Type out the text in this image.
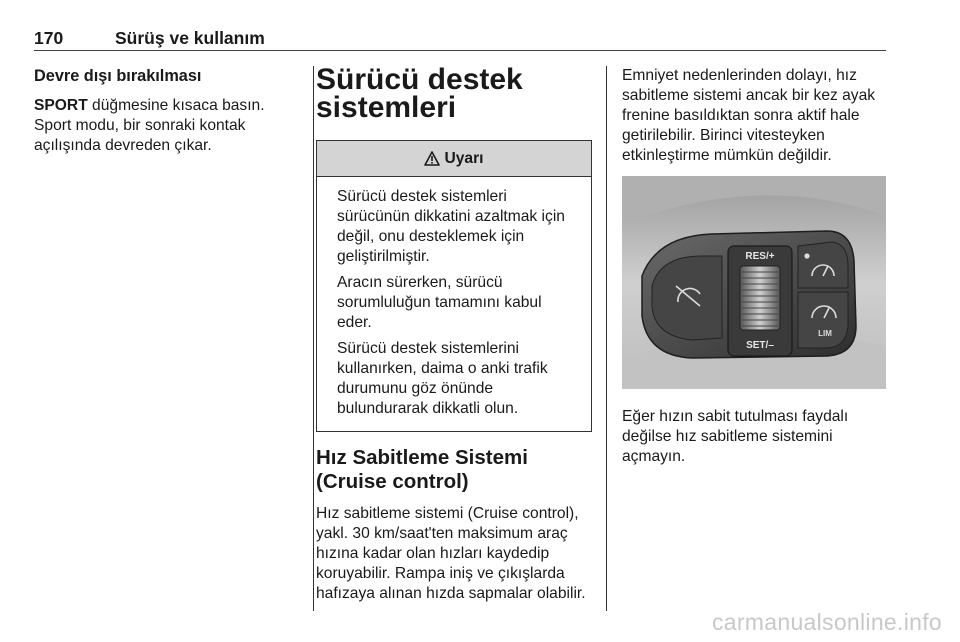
170	Sürüş ve kullanım
Devre dışı bırakılması
SPORT düğmesine kısaca basın. Sport modu, bir sonraki kontak açılışında devreden çıkar.
Sürücü destek
sistemleri
Uyarı
Sürücü destek sistemleri sürücünün dikkatini azaltmak için değil, onu desteklemek için geliştirilmiştir.
Aracın sürerken, sürücü sorumluluğun tamamını kabul eder.
Sürücü destek sistemlerini kullanırken, daima o anki trafik durumunu göz önünde bulundurarak dikkatli olun.
Hız Sabitleme Sistemi
(Cruise control)
Hız sabitleme sistemi (Cruise control), yakl. 30 km/saat'ten maksimum araç hızına kadar olan hızları kaydedip koruyabilir. Rampa iniş ve çıkışlarda hafızaya alınan hızda sapmalar olabilir.
Emniyet nedenlerinden dolayı, hız sabitleme sistemi ancak bir kez ayak frenine basıldıktan sonra aktif hale getirilebilir. Birinci vitesteyken etkinleştirme mümkün değildir.
RES/+
SET/–
LIM
Eğer hızın sabit tutulması faydalı değilse hız sabitleme sistemini açmayın.
carmanualsonline.info
